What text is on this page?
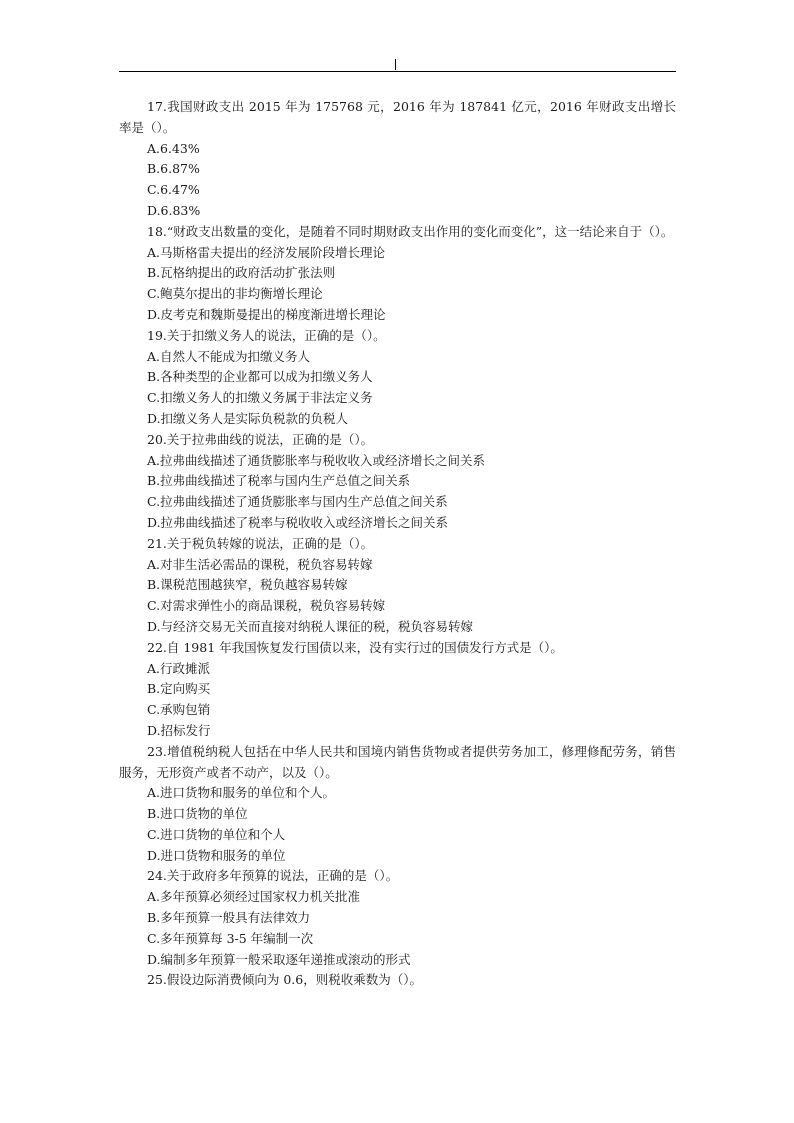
17.我国财政支出 2015 年为 175768 元，2016 年为 187841 亿元，2016 年财政支出增长率是（）。

A.6.43%

B.6.87%

C.6.47%

D.6.83%

18.“财政支出数量的变化，是随着不同时期财政支出作用的变化而变化”，这一结论来自于（）。

A.马斯格雷夫提出的经济发展阶段增长理论

B.瓦格纳提出的政府活动扩张法则

C.鲍莫尔提出的非均衡增长理论

D.皮考克和魏斯曼提出的梯度渐进增长理论

19.关于扣缴义务人的说法，正确的是（）。

A.自然人不能成为扣缴义务人

B.各种类型的企业都可以成为扣缴义务人

C.扣缴义务人的扣缴义务属于非法定义务

D.扣缴义务人是实际负税款的负税人

20.关于拉弗曲线的说法，正确的是（）。

A.拉弗曲线描述了通货膨胀率与税收收入或经济增长之间关系

B.拉弗曲线描述了税率与国内生产总值之间关系

C.拉弗曲线描述了通货膨胀率与国内生产总值之间关系

D.拉弗曲线描述了税率与税收收入或经济增长之间关系

21.关于税负转嫁的说法，正确的是（）。

A.对非生活必需品的课税，税负容易转嫁

B.课税范围越狭窄，税负越容易转嫁

C.对需求弹性小的商品课税，税负容易转嫁

D.与经济交易无关而直接对纳税人课征的税，税负容易转嫁

22.自 1981 年我国恢复发行国债以来，没有实行过的国债发行方式是（）。

A.行政摊派

B.定向购买

C.承购包销

D.招标发行

23.增值税纳税人包括在中华人民共和国境内销售货物或者提供劳务加工，修理修配劳务，销售服务，无形资产或者不动产，以及（）。

A.进口货物和服务的单位和个人。

B.进口货物的单位

C.进口货物的单位和个人

D.进口货物和服务的单位

24.关于政府多年预算的说法，正确的是（）。

A.多年预算必须经过国家权力机关批准

B.多年预算一般具有法律效力

C.多年预算每 3-5 年编制一次

D.编制多年预算一般采取逐年递推或滚动的形式

25.假设边际消费倾向为 0.6，则税收乘数为（）。
